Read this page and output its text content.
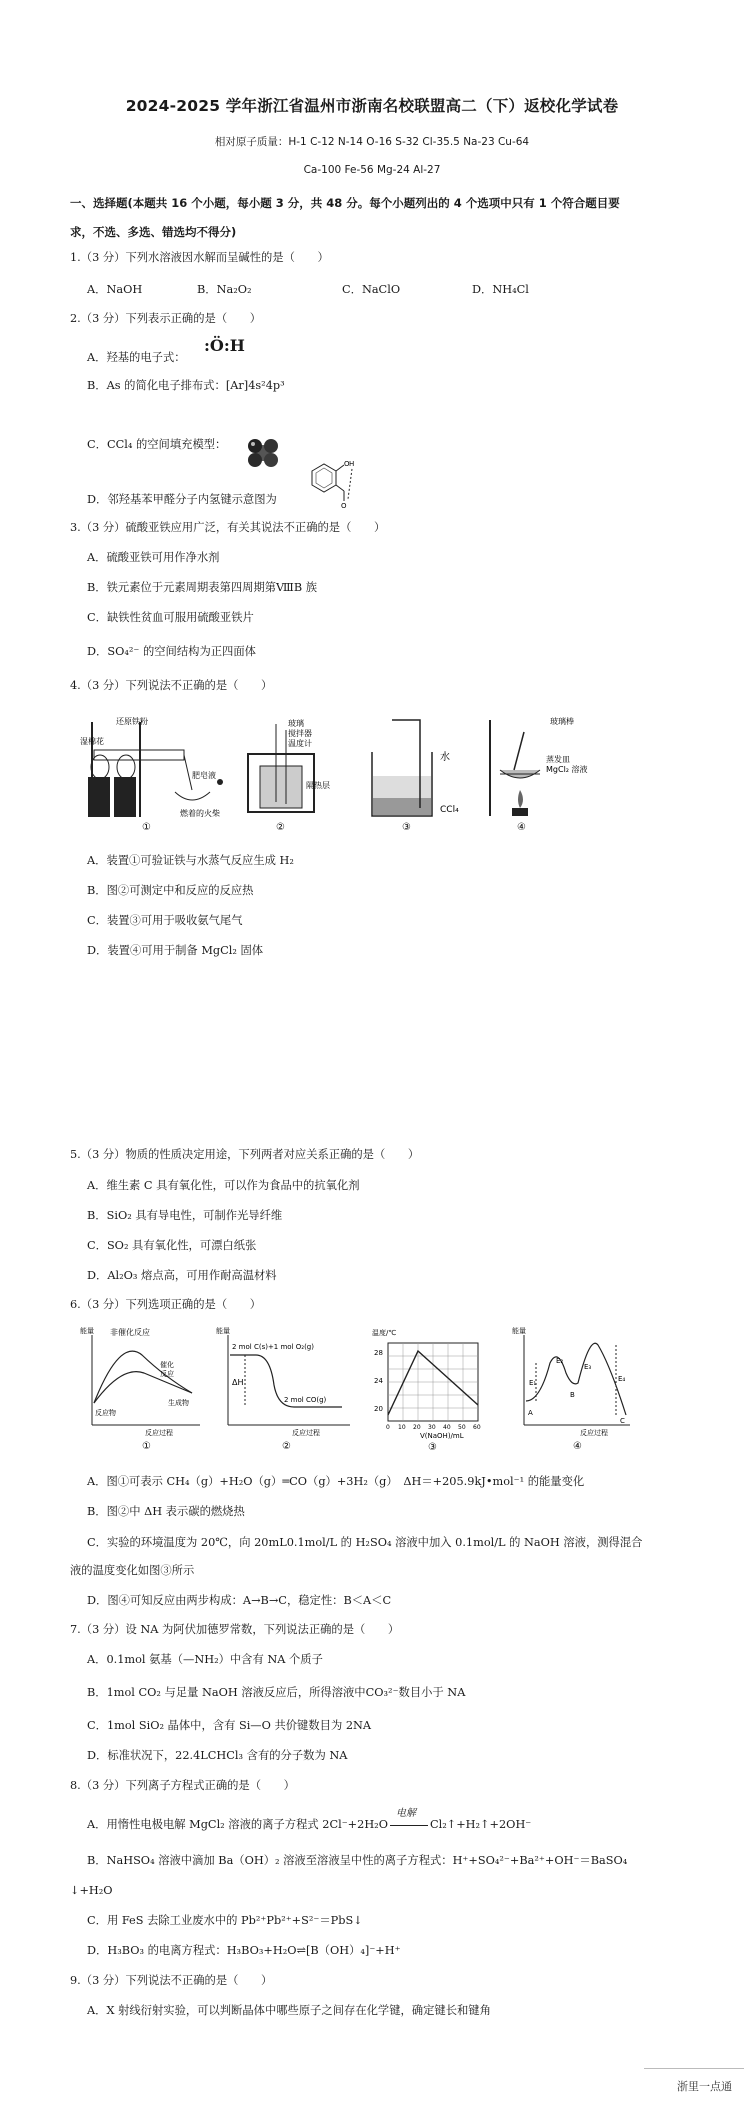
2024-2025 学年浙江省温州市浙南名校联盟高二（下）返校化学试卷
相对原子质量：H-1 C-12 N-14 O-16 S-32 Cl-35.5 Na-23 Cu-64
Ca-100 Fe-56 Mg-24 Al-27
一、选择题(本题共 16 个小题，每小题 3 分，共 48 分。每个小题列出的 4 个选项中只有 1 个符合题目要
求，不选、多选、错选均不得分)
1.（3 分）下列水溶液因水解而呈碱性的是（　　）
A．NaOH	B．Na₂O₂	C．NaClO	D．NH₄Cl
2.（3 分）下列表示正确的是（　　）
A．羟基的电子式：
:Ö:H
B．As 的简化电子排布式：[Ar]4s²4p³
C．CCl₄ 的空间填充模型：
O H
O
D．邻羟基苯甲醛分子内氢键示意图为
3.（3 分）硫酸亚铁应用广泛，有关其说法不正确的是（　　）
A．硫酸亚铁可用作净水剂
B．铁元素位于元素周期表第四周期第ⅧB 族
C．缺铁性贫血可服用硫酸亚铁片
D．SO₄²⁻ 的空间结构为正四面体
4.（3 分）下列说法不正确的是（　　）
还原铁粉
湿棉花
肥皂液
燃着的火柴
①
玻璃
搅拌器
温度计
隔热层
②
水
CCl₄
③
玻璃棒
蒸发皿
MgCl₂ 溶液
④
A．装置①可验证铁与水蒸气反应生成 H₂
B．图②可测定中和反应的反应热
C．装置③可用于吸收氨气尾气
D．装置④可用于制备 MgCl₂ 固体
5.（3 分）物质的性质决定用途，下列两者对应关系正确的是（　　）
A．维生素 C 具有氧化性，可以作为食品中的抗氧化剂
B．SiO₂ 具有导电性，可制作光导纤维
C．SO₂ 具有氧化性，可漂白纸张
D．Al₂O₃ 熔点高，可用作耐高温材料
6.（3 分）下列选项正确的是（　　）
能量 非催化反应
催化
反应
反应物
生成物
反应过程
①
能量
2 mol C(s)+1 mol O₂(g)
ΔH
2 mol CO(g)
反应过程
②
温度/℃
28
24
20
0 10 20 30 40 50 60
V(NaOH)/mL
③
能量
E₁
E₂
E₃
E₄
A
B
C
反应过程
④
A．图①可表示 CH₄（g）+H₂O（g）═CO（g）+3H₂（g）　ΔH＝+205.9kJ•mol⁻¹ 的能量变化
B．图②中 ΔH 表示碳的燃烧热
C．实验的环境温度为 20℃，向 20mL0.1mol/L 的 H₂SO₄ 溶液中加入 0.1mol/L 的 NaOH 溶液，测得混合
液的温度变化如图③所示
D．图④可知反应由两步构成：A→B→C，稳定性：B＜A＜C
7.（3 分）设 NA 为阿伏加德罗常数，下列说法正确的是（　　）
A．0.1mol 氨基（—NH₂）中含有 NA 个质子
B．1mol CO₂ 与足量 NaOH 溶液反应后，所得溶液中CO₃²⁻数目小于 NA
C．1mol SiO₂ 晶体中，含有 Si—O 共价键数目为 2NA
D．标准状况下，22.4LCHCl₃ 含有的分子数为 NA
8.（3 分）下列离子方程式正确的是（　　）
A．用惰性电极电解 MgCl₂ 溶液的离子方程式 2Cl⁻+2H₂O
电解
Cl₂↑+H₂↑+2OH⁻
B．NaHSO₄ 溶液中滴加 Ba（OH）₂ 溶液至溶液呈中性的离子方程式：H⁺+SO₄²⁻+Ba²⁺+OH⁻＝BaSO₄
↓+H₂O
C．用 FeS 去除工业废水中的 Pb²⁺Pb²⁺+S²⁻＝PbS↓
D．H₃BO₃ 的电离方程式：H₃BO₃+H₂O⇌[B（OH）₄]⁻+H⁺
9.（3 分）下列说法不正确的是（　　）
A．X 射线衍射实验，可以判断晶体中哪些原子之间存在化学键，确定键长和键角
浙里一点通
